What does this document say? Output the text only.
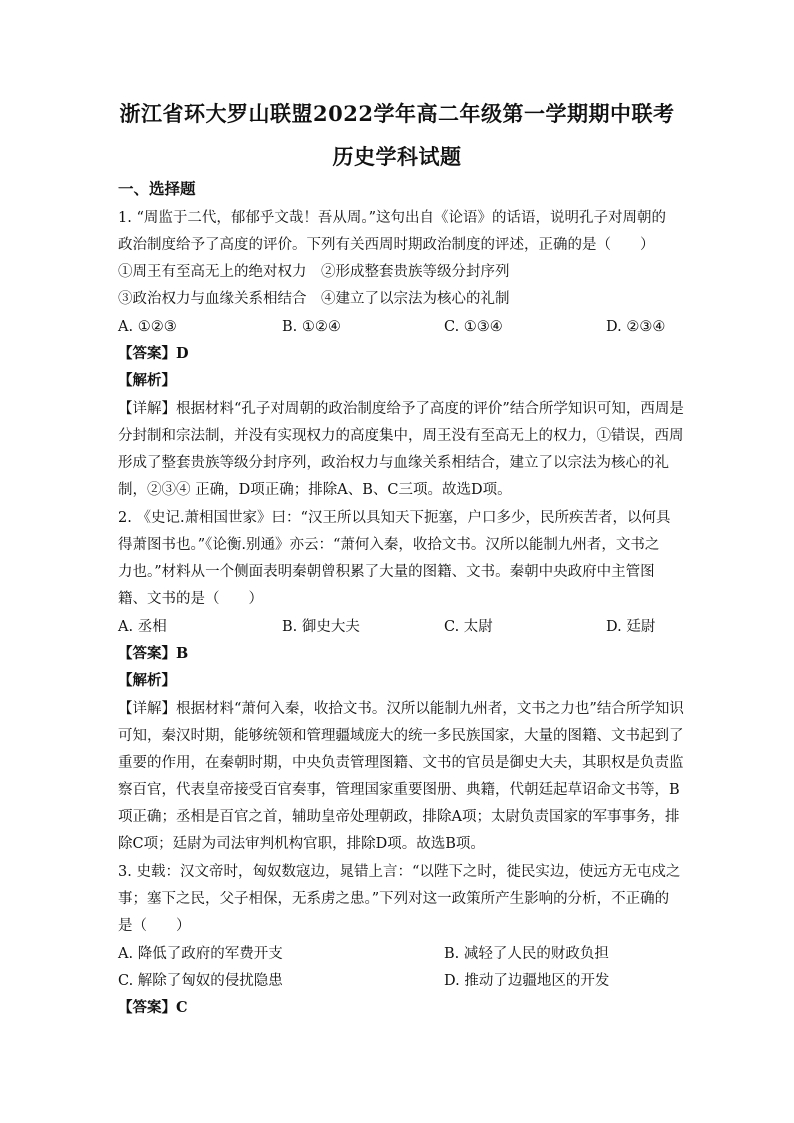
浙江省环大罗山联盟2022学年高二年级第一学期期中联考
历史学科试题
一、选择题
1. “周监于二代，郁郁乎文哉！吾从周。”这句出自《论语》的话语，说明孔子对周朝的
政治制度给予了高度的评价。下列有关西周时期政治制度的评述，正确的是（　　）
①周王有至高无上的绝对权力　②形成整套贵族等级分封序列
③政治权力与血缘关系相结合　④建立了以宗法为核心的礼制
A. ①②③	B. ①②④	C. ①③④	D. ②③④
【答案】D
【解析】
【详解】根据材料“孔子对周朝的政治制度给予了高度的评价”结合所学知识可知，西周是
分封制和宗法制，并没有实现权力的高度集中，周王没有至高无上的权力，①错误，西周
形成了整套贵族等级分封序列，政治权力与血缘关系相结合，建立了以宗法为核心的礼
制，②③④ 正确，D项正确；排除A、B、C三项。故选D项。
2. 《史记.萧相国世家》曰：“汉王所以具知天下扼塞，户口多少，民所疾苦者，以何具
得萧图书也。”《论衡.别通》亦云：“萧何入秦，收拾文书。汉所以能制九州者，文书之
力也。”材料从一个侧面表明秦朝曾积累了大量的图籍、文书。秦朝中央政府中主管图
籍、文书的是（　　）
A. 丞相	B. 御史大夫	C. 太尉	D. 廷尉
【答案】B
【解析】
【详解】根据材料“萧何入秦，收拾文书。汉所以能制九州者，文书之力也”结合所学知识
可知，秦汉时期，能够统领和管理疆域庞大的统一多民族国家，大量的图籍、文书起到了
重要的作用，在秦朝时期，中央负责管理图籍、文书的官员是御史大夫，其职权是负责监
察百官，代表皇帝接受百官奏事，管理国家重要图册、典籍，代朝廷起草诏命文书等，B
项正确；丞相是百官之首，辅助皇帝处理朝政，排除A项；太尉负责国家的军事事务，排
除C项；廷尉为司法审判机构官职，排除D项。故选B项。
3. 史载：汉文帝时，匈奴数寇边，晁错上言：“以陛下之时，徙民实边，使远方无屯戍之
事；塞下之民，父子相保，无系虏之患。”下列对这一政策所产生影响的分析，不正确的
是（　　）
A. 降低了政府的军费开支	B. 减轻了人民的财政负担
C. 解除了匈奴的侵扰隐患	D. 推动了边疆地区的开发
【答案】C
